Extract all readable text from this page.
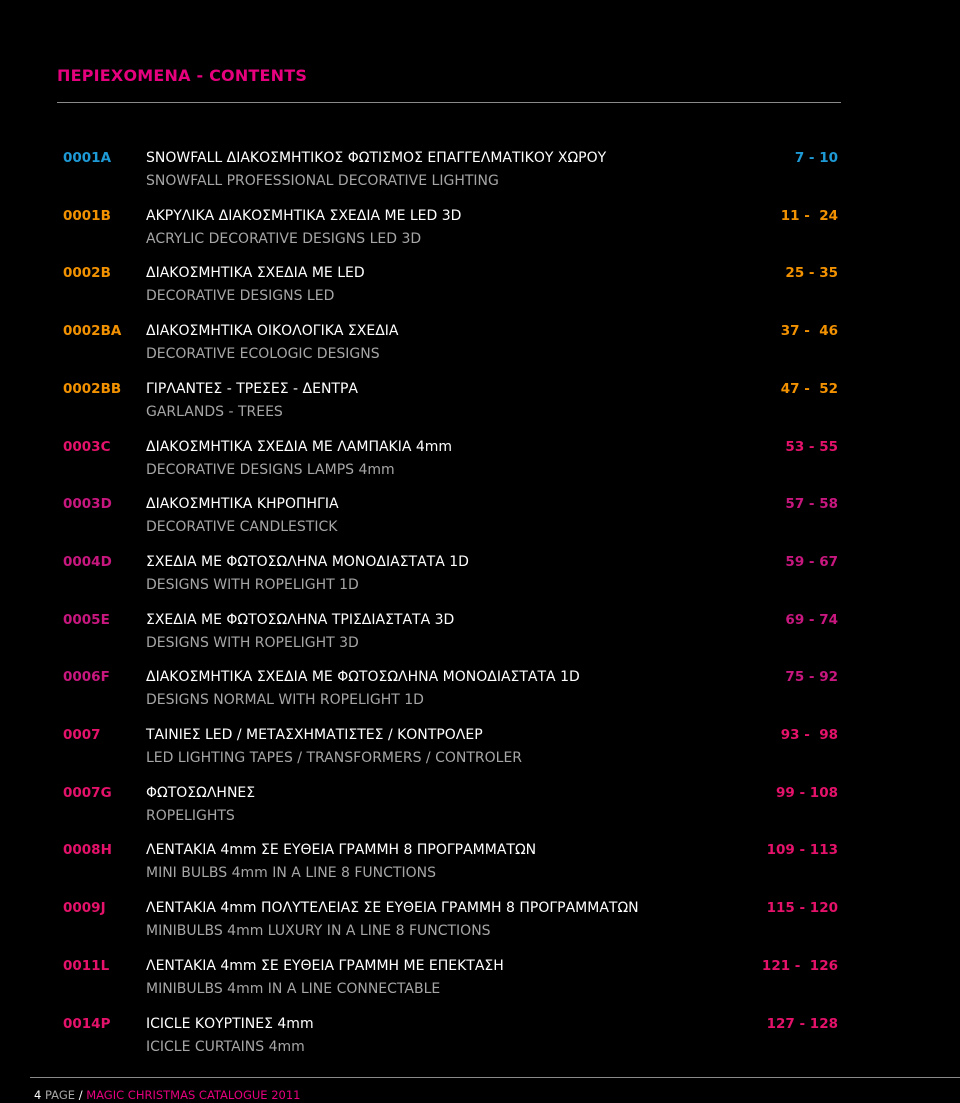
ΠΕΡΙΕΧΟΜΕΝΑ - CONTENTS
0001A SNOWFALL ΔΙΑΚΟΣΜΗΤΙΚΟΣ ΦΩΤΙΣΜΟΣ ΕΠΑΓΓΕΛΜΑΤΙΚΟΥ ΧΩΡΟΥ
SNOWFALL PROFESSIONAL DECORATIVE LIGHTING
7 - 10
0001B	ΑΚΡΥΛΙΚΑ ΔΙΑΚΟΣΜΗΤΙΚΑ ΣΧΕΔΙΑ ΜΕ LED 3D
ACRYLIC DECORATIVE DESIGNS LED 3D
11 -  24
0002B	ΔΙΑΚΟΣΜΗΤΙΚΑ ΣΧΕΔΙΑ ΜΕ LED
DECORATIVE DESIGNS LED
25 - 35
0002BA ΔΙΑΚΟΣΜΗΤΙΚΑ ΟΙΚΟΛΟΓΙΚΑ ΣΧΕΔΙΑ
DECORATIVE ECOLOGIC DESIGNS
37 -  46
0002BB ΓΙΡΛΑΝΤΕΣ - ΤΡΕΣΕΣ - ΔΕΝΤΡΑ
GARLANDS - TREES
47 -  52
0003C	ΔΙΑΚΟΣΜΗΤΙΚΑ ΣΧΕΔΙΑ ΜΕ ΛΑΜΠΑΚΙΑ 4mm
DECORATIVE DESIGNS LAMPS 4mm
53 - 55
0003D ΔΙΑΚΟΣΜΗΤΙΚΑ ΚΗΡΟΠΗΓΙΑ
DECORATIVE CANDLESTICK
57 - 58
0004D ΣΧΕΔΙΑ ΜΕ ΦΩΤΟΣΩΛΗΝΑ ΜΟΝΟΔΙΑΣΤΑΤΑ 1D
DESIGNS WITH ROPELIGHT 1D
59 - 67
0005E	ΣΧΕΔΙΑ ΜΕ ΦΩΤΟΣΩΛΗΝΑ ΤΡΙΣΔΙΑΣΤΑΤΑ 3D
DESIGNS WITH ROPELIGHT 3D
69 - 74
0006F	ΔΙΑΚΟΣΜΗΤΙΚΑ ΣΧΕΔΙΑ ΜΕ ΦΩΤΟΣΩΛΗΝΑ ΜΟΝΟΔΙΑΣΤΑΤΑ 1D
DESIGNS NORMAL WITH ROPELIGHT 1D
75 - 92
0007	ΤΑΙΝΙΕΣ LED / ΜΕΤΑΣΧΗΜΑΤΙΣΤΕΣ / ΚΟΝΤΡΟΛΕΡ
LED LIGHTING TAPES / TRANSFORMERS / CONTROLER
93 -  98
0007G ΦΩΤΟΣΩΛΗΝΕΣ
ROPELIGHTS
99 - 108
0008H ΛΕΝΤΑΚΙΑ 4mm ΣΕ ΕΥΘΕΙΑ ΓΡΑΜΜΗ 8 ΠΡΟΓΡΑΜΜΑΤΩΝ
MINI BULBS 4mm IN A LINE 8 FUNCTIONS
109 - 113
0009J	ΛΕΝΤΑΚΙΑ 4mm ΠΟΛΥΤΕΛΕΙΑΣ ΣΕ ΕΥΘΕΙΑ ΓΡΑΜΜΗ 8 ΠΡΟΓΡΑΜΜΑΤΩΝ
MINIBULBS 4mm LUXURY IN A LINE 8 FUNCTIONS
115 - 120
0011L	ΛΕΝΤΑΚΙΑ 4mm ΣΕ ΕΥΘΕΙΑ ΓΡΑΜΜΗ ΜΕ ΕΠΕΚΤΑΣΗ
MINIBULBS 4mm IN A LINE CONNECTABLE
121 -  126
0014P	ICICLE ΚΟΥΡΤΙΝΕΣ 4mm
ICICLE CURTAINS 4mm
127 - 128
4 PAGE / MAGIC CHRISTMAS CATALOGUE 2011
